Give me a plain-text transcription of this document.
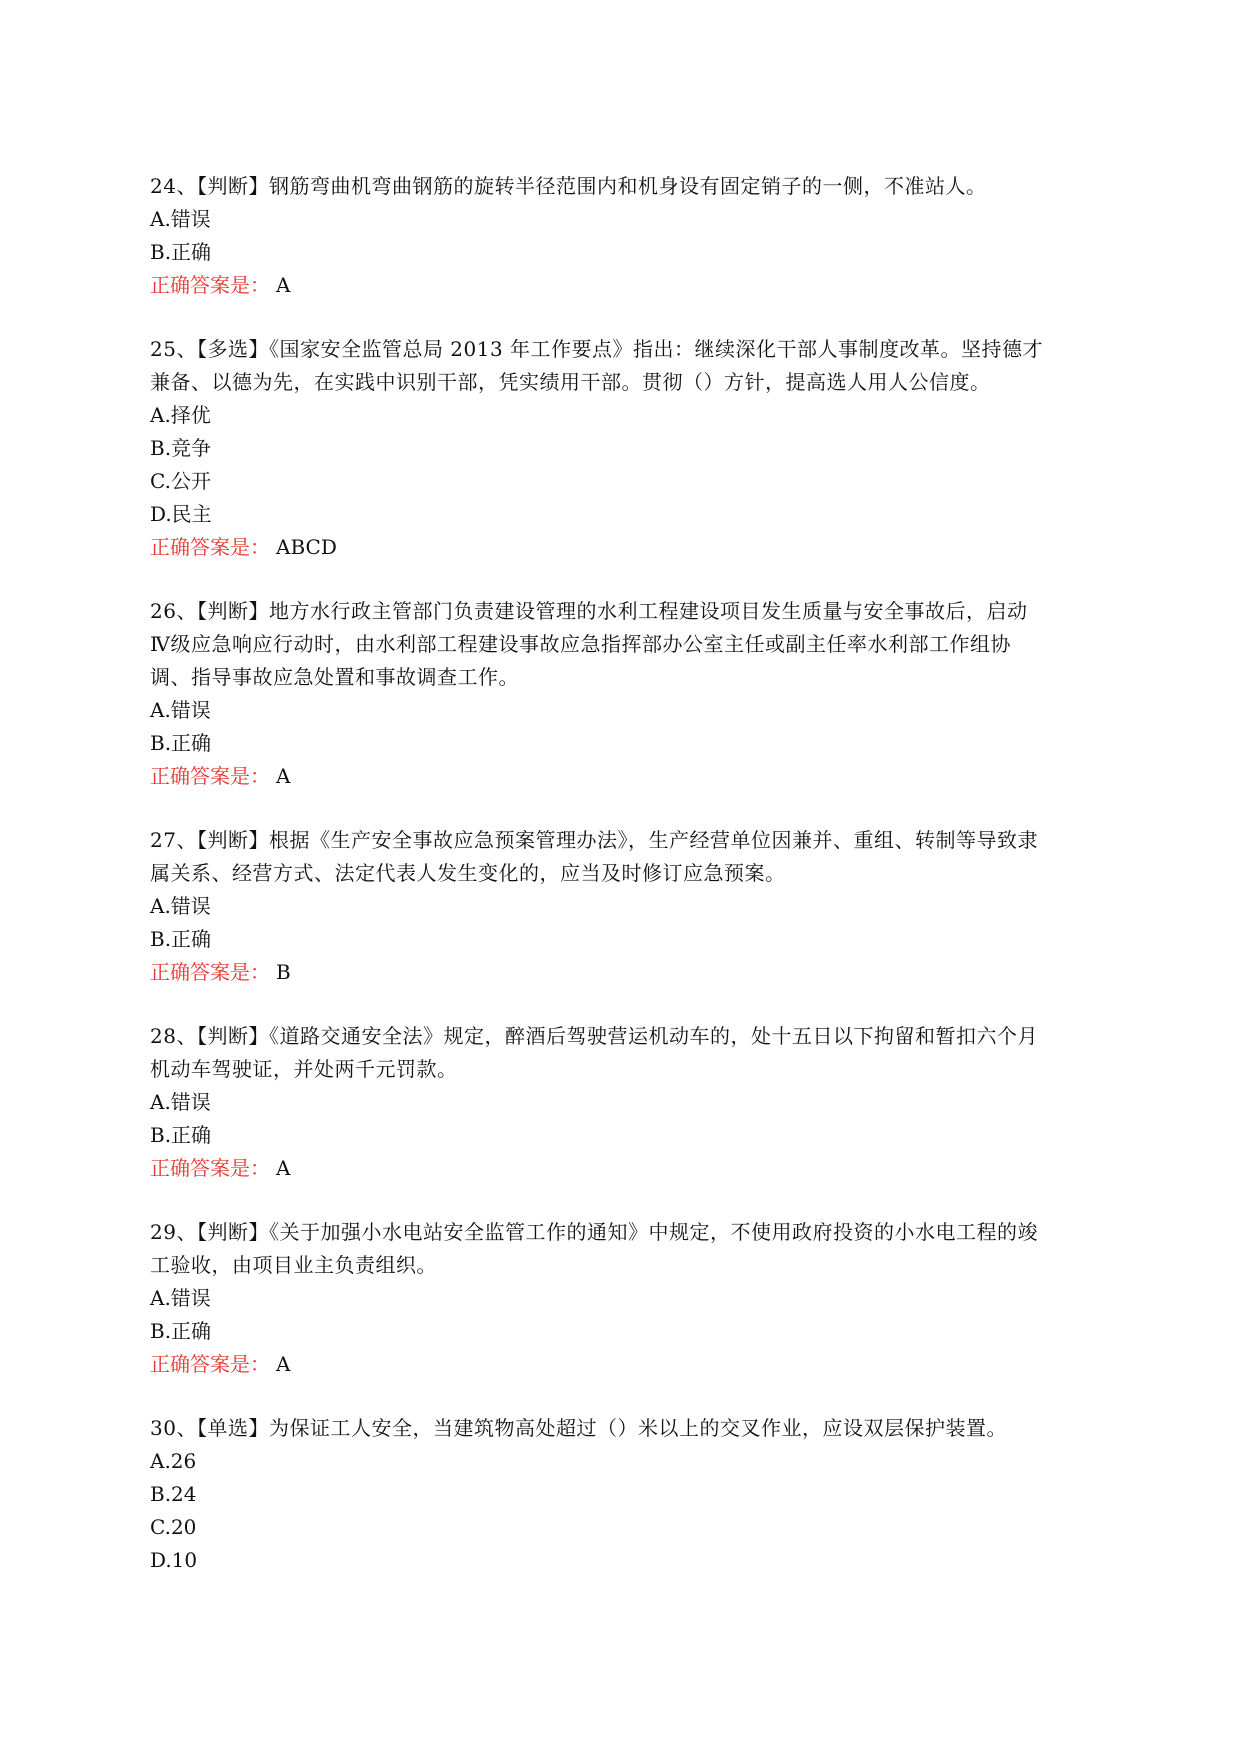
24、【判断】钢筋弯曲机弯曲钢筋的旋转半径范围内和机身设有固定销子的一侧，不准站人。
A.错误
B.正确
正确答案是： A
25、【多选】《国家安全监管总局 2013 年工作要点》指出：继续深化干部人事制度改革。坚持德才
兼备、以德为先，在实践中识别干部，凭实绩用干部。贯彻（）方针，提高选人用人公信度。
A.择优
B.竞争
C.公开
D.民主
正确答案是： ABCD
26、【判断】地方水行政主管部门负责建设管理的水利工程建设项目发生质量与安全事故后，启动
Ⅳ级应急响应行动时，由水利部工程建设事故应急指挥部办公室主任或副主任率水利部工作组协
调、指导事故应急处置和事故调查工作。
A.错误
B.正确
正确答案是： A
27、【判断】根据《生产安全事故应急预案管理办法》，生产经营单位因兼并、重组、转制等导致隶
属关系、经营方式、法定代表人发生变化的，应当及时修订应急预案。
A.错误
B.正确
正确答案是： B
28、【判断】《道路交通安全法》规定，醉酒后驾驶营运机动车的，处十五日以下拘留和暂扣六个月
机动车驾驶证，并处两千元罚款。
A.错误
B.正确
正确答案是： A
29、【判断】《关于加强小水电站安全监管工作的通知》中规定，不使用政府投资的小水电工程的竣
工验收，由项目业主负责组织。
A.错误
B.正确
正确答案是： A
30、【单选】为保证工人安全，当建筑物高处超过（）米以上的交叉作业，应设双层保护装置。
A.26
B.24
C.20
D.10
